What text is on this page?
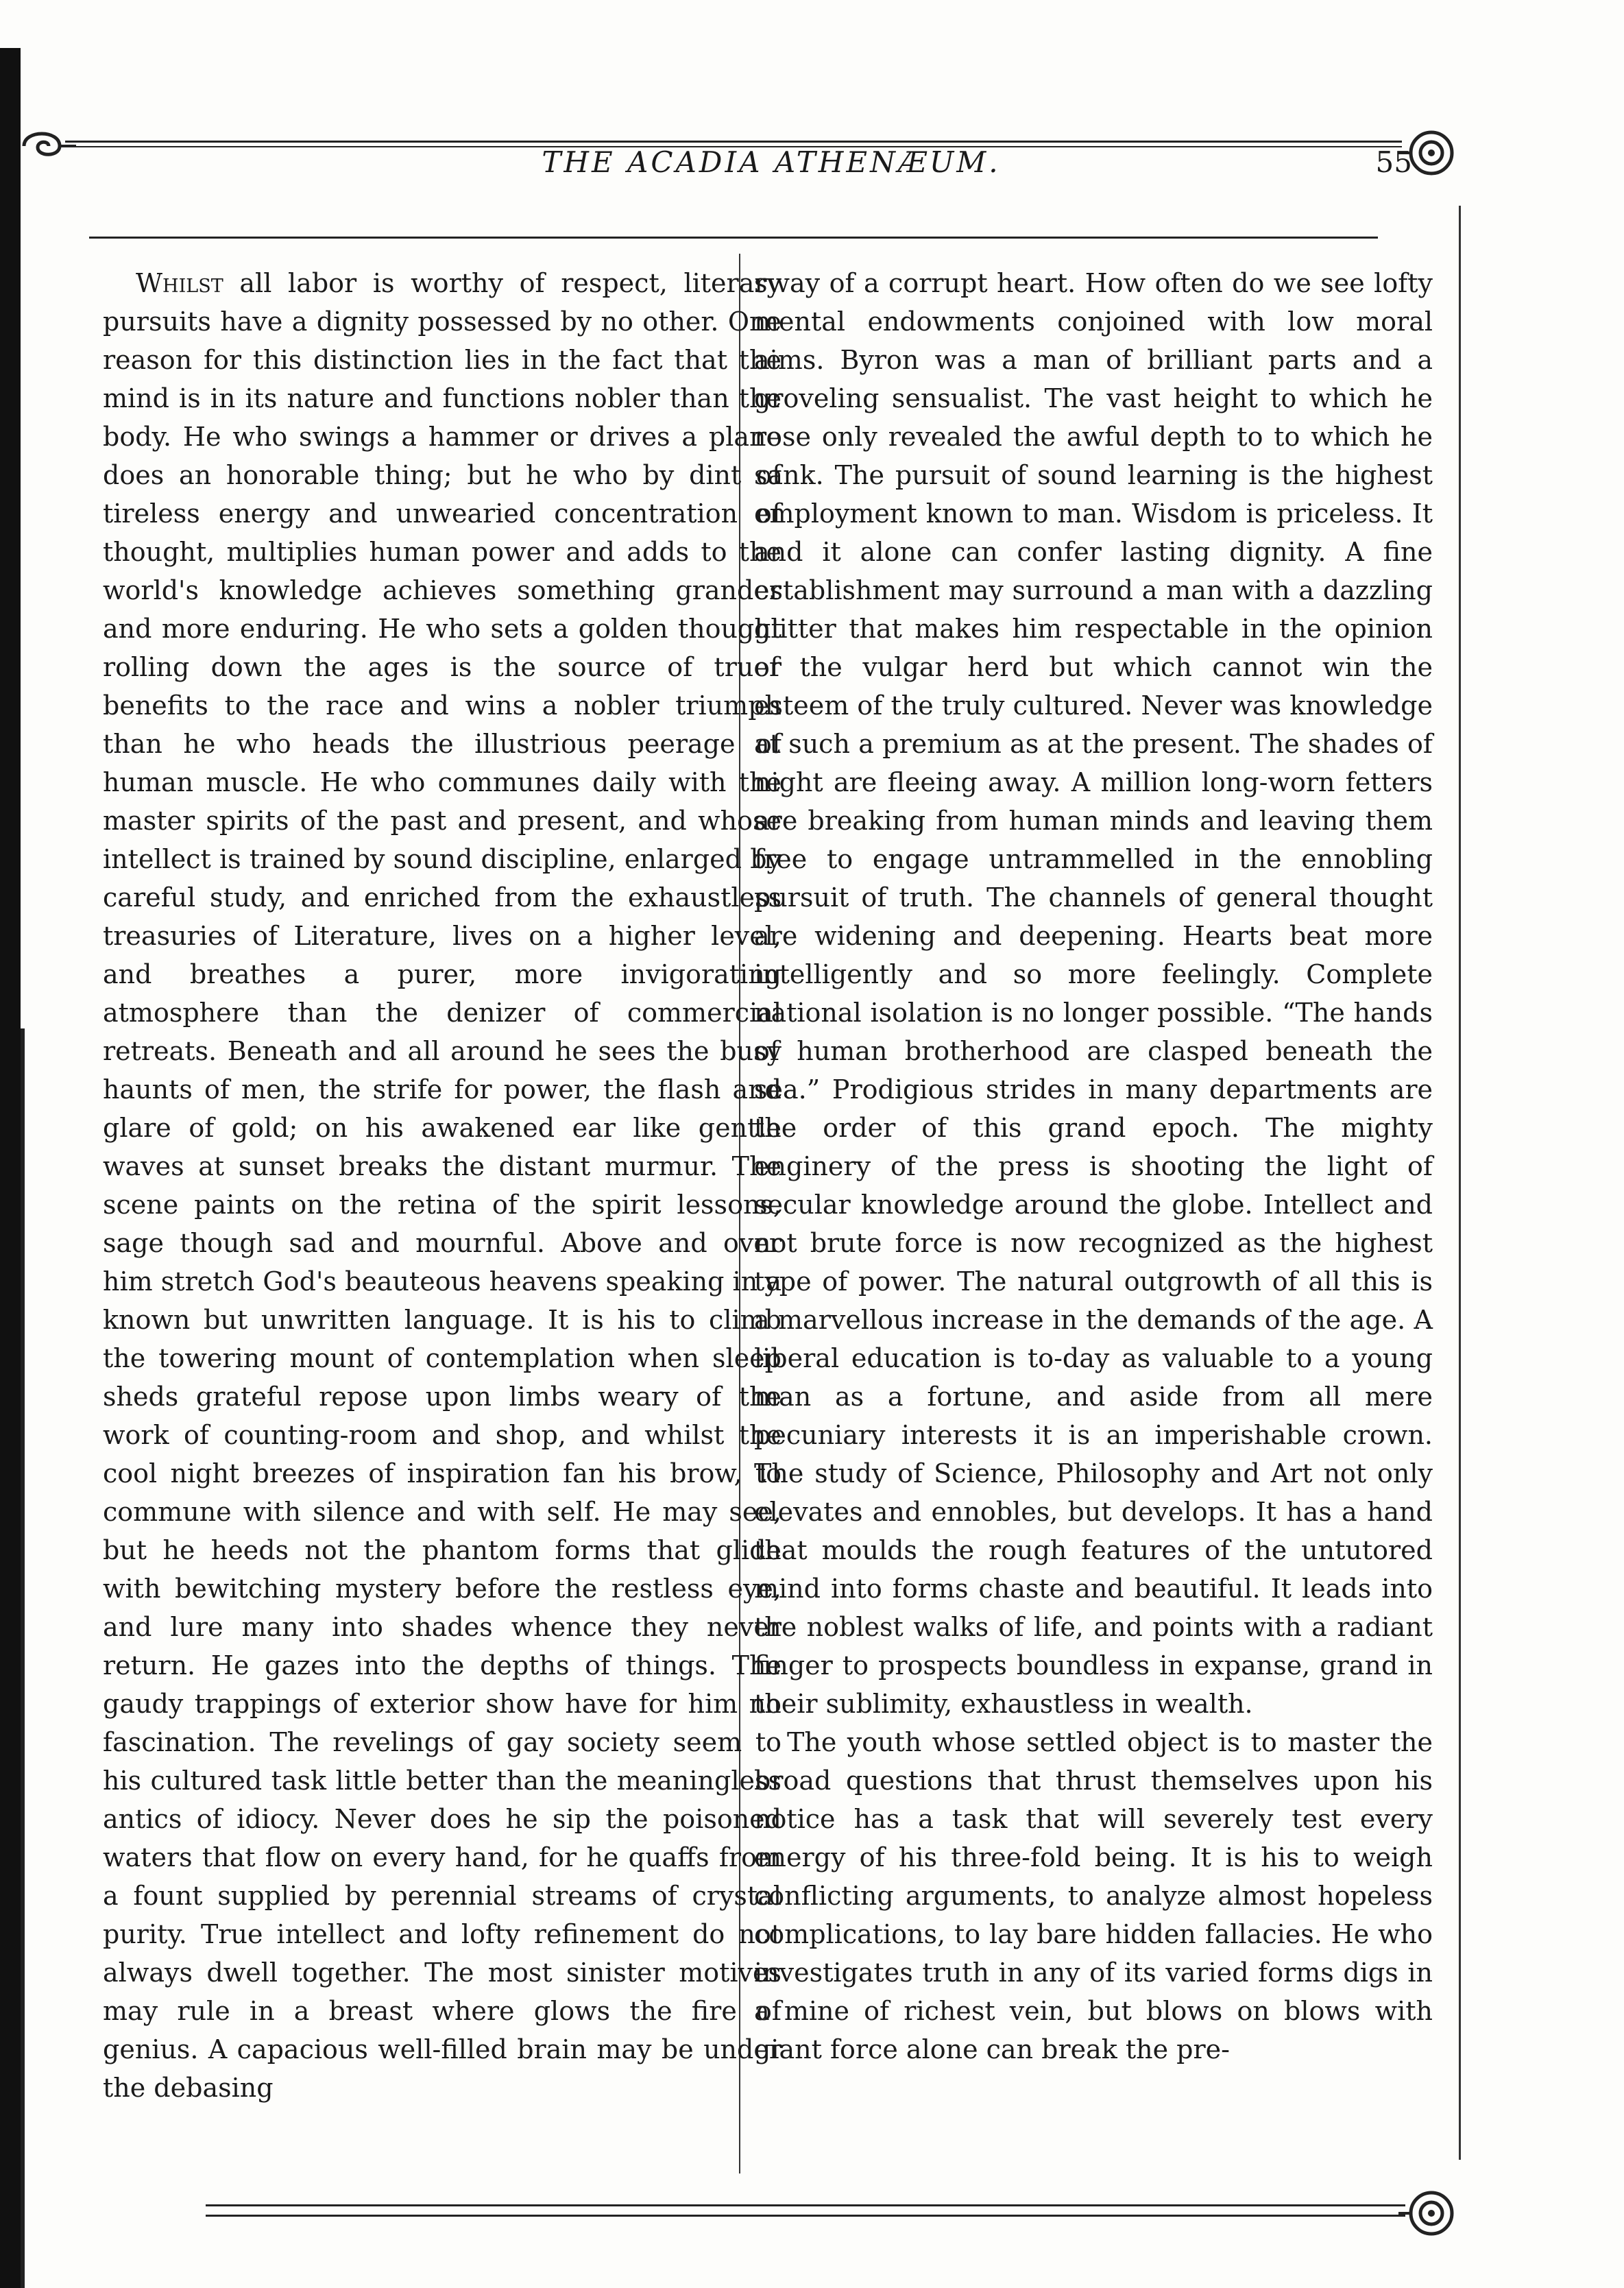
THE ACADIA ATHENÆUM.	55

Whilst all labor is worthy of respect, literary pursuits have a dignity possessed by no other. One reason for this distinction lies in the fact that the mind is in its nature and functions nobler than the body. He who swings a hammer or drives a plane does an honorable thing; but he who by dint of tireless energy and unwearied concentration of thought, multiplies human power and adds to the world's knowledge achieves something grander and more enduring. He who sets a golden thought rolling down the ages is the source of truer benefits to the race and wins a nobler triumph than he who heads the illustrious peerage of human muscle. He who communes daily with the master spirits of the past and present, and whose intellect is trained by sound discipline, enlarged by careful study, and enriched from the exhaustless treasuries of Literature, lives on a higher level, and breathes a purer, more invigorating atmosphere than the denizer of commercial retreats. Beneath and all around he sees the busy haunts of men, the strife for power, the flash and glare of gold; on his awakened ear like gentle waves at sunset breaks the distant murmur. The scene paints on the retina of the spirit lessons, sage though sad and mournful. Above and over him stretch God's beauteous heavens speaking in a known but unwritten language. It is his to climb the towering mount of contemplation when sleep sheds grateful repose upon limbs weary of the work of counting-room and shop, and whilst the cool night breezes of inspiration fan his brow, to commune with silence and with self. He may see, but he heeds not the phantom forms that glide with bewitching mystery before the restless eye, and lure many into shades whence they never return. He gazes into the depths of things. The gaudy trappings of exterior show have for him no fascination. The revelings of gay society seem to his cultured task little better than the meaningless antics of idiocy. Never does he sip the poisoned waters that flow on every hand, for he quaffs from a fount supplied by perennial streams of crystal purity. True intellect and lofty refinement do not always dwell together. The most sinister motives may rule in a breast where glows the fire of genius. A capacious well-filled brain may be under the debasing

sway of a corrupt heart. How often do we see lofty mental endowments conjoined with low moral aims. Byron was a man of brilliant parts and a groveling sensualist. The vast height to which he rose only revealed the awful depth to to which he sank. The pursuit of sound learning is the highest employment known to man. Wisdom is priceless. It and it alone can confer lasting dignity. A fine establishment may surround a man with a dazzling glitter that makes him respectable in the opinion of the vulgar herd but which cannot win the esteem of the truly cultured. Never was knowledge at such a premium as at the present. The shades of night are fleeing away. A million long-worn fetters are breaking from human minds and leaving them free to engage untrammelled in the ennobling pursuit of truth. The channels of general thought are widening and deepening. Hearts beat more intelligently and so more feelingly. Complete national isolation is no longer possible. “The hands of human brotherhood are clasped beneath the sea.” Prodigious strides in many departments are the order of this grand epoch. The mighty enginery of the press is shooting the light of secular knowledge around the globe. Intellect and not brute force is now recognized as the highest type of power. The natural outgrowth of all this is a marvellous increase in the demands of the age. A liberal education is to-day as valuable to a young man as a fortune, and aside from all mere pecuniary interests it is an imperishable crown. The study of Science, Philosophy and Art not only elevates and ennobles, but develops. It has a hand that moulds the rough features of the untutored mind into forms chaste and beautiful. It leads into the noblest walks of life, and points with a radiant finger to prospects boundless in expanse, grand in their sublimity, exhaustless in wealth.

The youth whose settled object is to master the broad questions that thrust themselves upon his notice has a task that will severely test every energy of his three-fold being. It is his to weigh conflicting arguments, to analyze almost hopeless complications, to lay bare hidden fallacies. He who investigates truth in any of its varied forms digs in a mine of richest vein, but blows on blows with giant force alone can break the pre-
